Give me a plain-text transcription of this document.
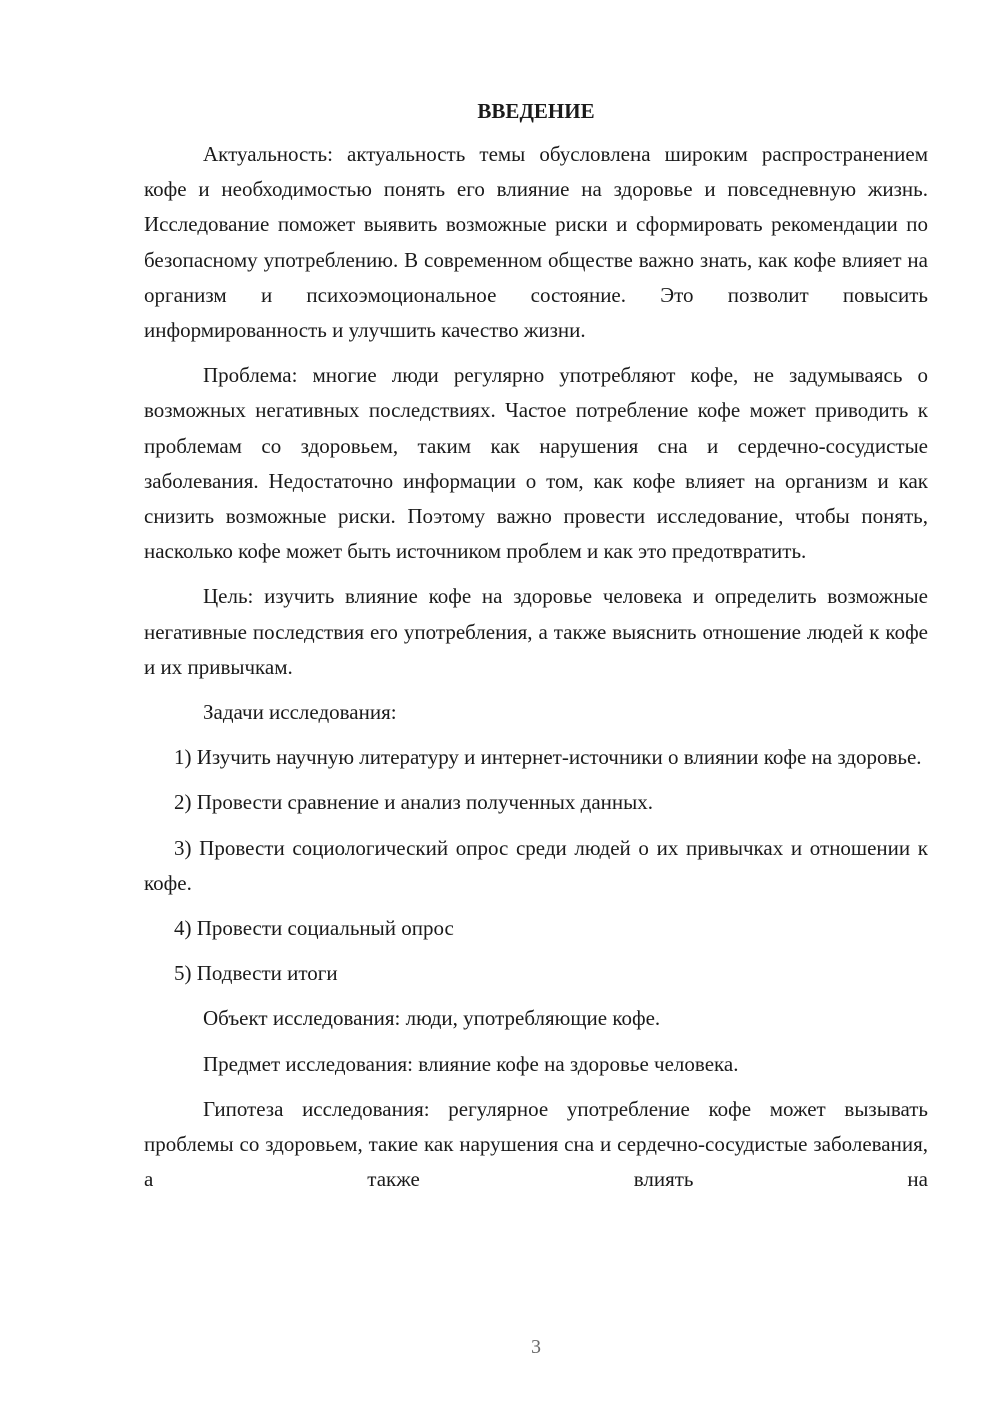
ВВЕДЕНИЕ

Актуальность: актуальность темы обусловлена широким распространением кофе и необходимостью понять его влияние на здоровье и повседневную жизнь. Исследование поможет выявить возможные риски и сформировать рекомендации по безопасному употреблению. В современном обществе важно знать, как кофе влияет на организм и психоэмоциональное состояние. Это позволит повысить информированность и улучшить качество жизни.

Проблема: многие люди регулярно употребляют кофе, не задумываясь о возможных негативных последствиях. Частое потребление кофе может приводить к проблемам со здоровьем, таким как нарушения сна и сердечно-сосудистые заболевания. Недостаточно информации о том, как кофе влияет на организм и как снизить возможные риски. Поэтому важно провести исследование, чтобы понять, насколько кофе может быть источником проблем и как это предотвратить.

Цель: изучить влияние кофе на здоровье человека и определить возможные негативные последствия его употребления, а также выяснить отношение людей к кофе и их привычкам.

Задачи исследования:

1) Изучить научную литературу и интернет-источники о влиянии кофе на здоровье.

2) Провести сравнение и анализ полученных данных.

3) Провести социологический опрос среди людей о их привычках и отношении к кофе.

4) Провести социальный опрос

5) Подвести итоги

Объект исследования: люди, употребляющие кофе.

Предмет исследования: влияние кофе на здоровье человека.

Гипотеза исследования: регулярное употребление кофе может вызывать проблемы со здоровьем, такие как нарушения сна и сердечно-сосудистые заболевания, а также влиять на

3
